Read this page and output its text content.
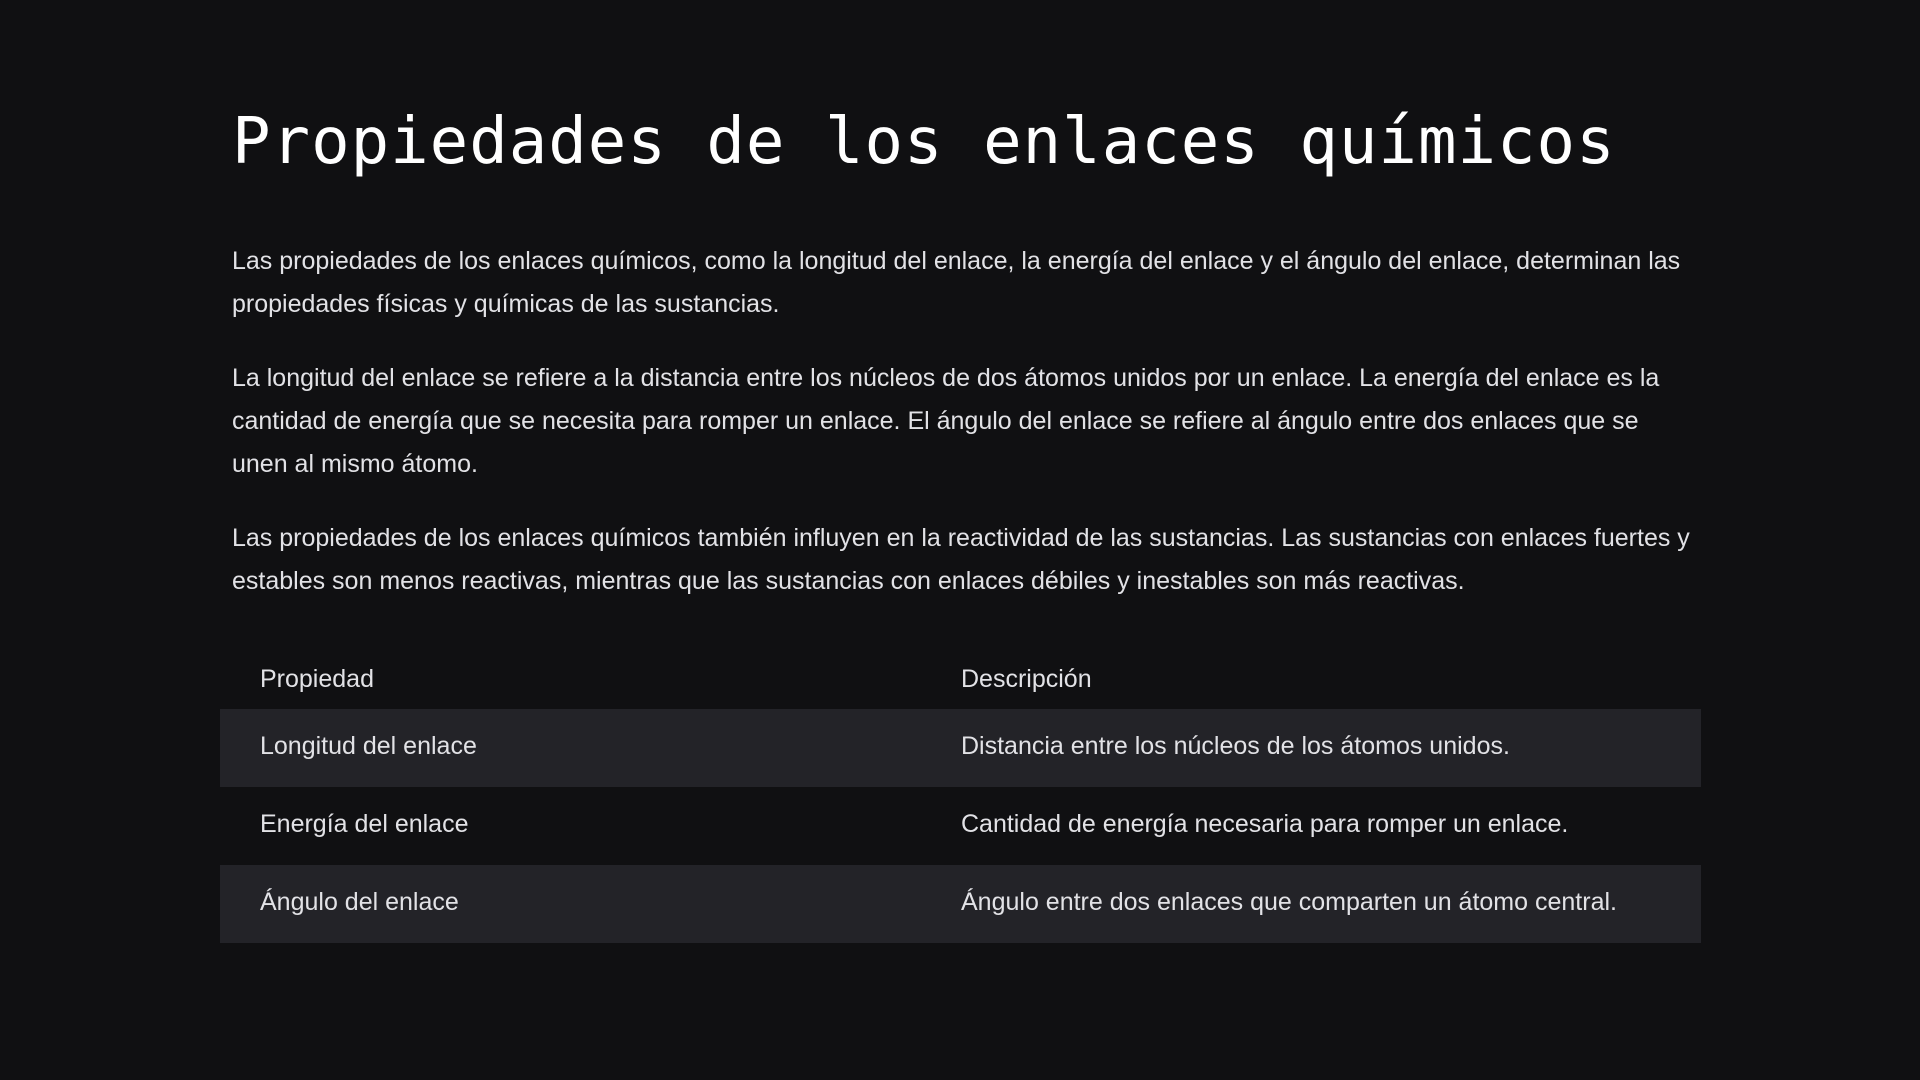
Propiedades de los enlaces químicos

Las propiedades de los enlaces químicos, como la longitud del enlace, la energía del enlace y el ángulo del enlace, determinan las propiedades físicas y químicas de las sustancias.

La longitud del enlace se refiere a la distancia entre los núcleos de dos átomos unidos por un enlace. La energía del enlace es la cantidad de energía que se necesita para romper un enlace. El ángulo del enlace se refiere al ángulo entre dos enlaces que se unen al mismo átomo.

Las propiedades de los enlaces químicos también influyen en la reactividad de las sustancias. Las sustancias con enlaces fuertes y estables son menos reactivas, mientras que las sustancias con enlaces débiles y inestables son más reactivas.

Propiedad	Descripción
Longitud del enlace	Distancia entre los núcleos de los átomos unidos.
Energía del enlace	Cantidad de energía necesaria para romper un enlace.
Ángulo del enlace	Ángulo entre dos enlaces que comparten un átomo central.
